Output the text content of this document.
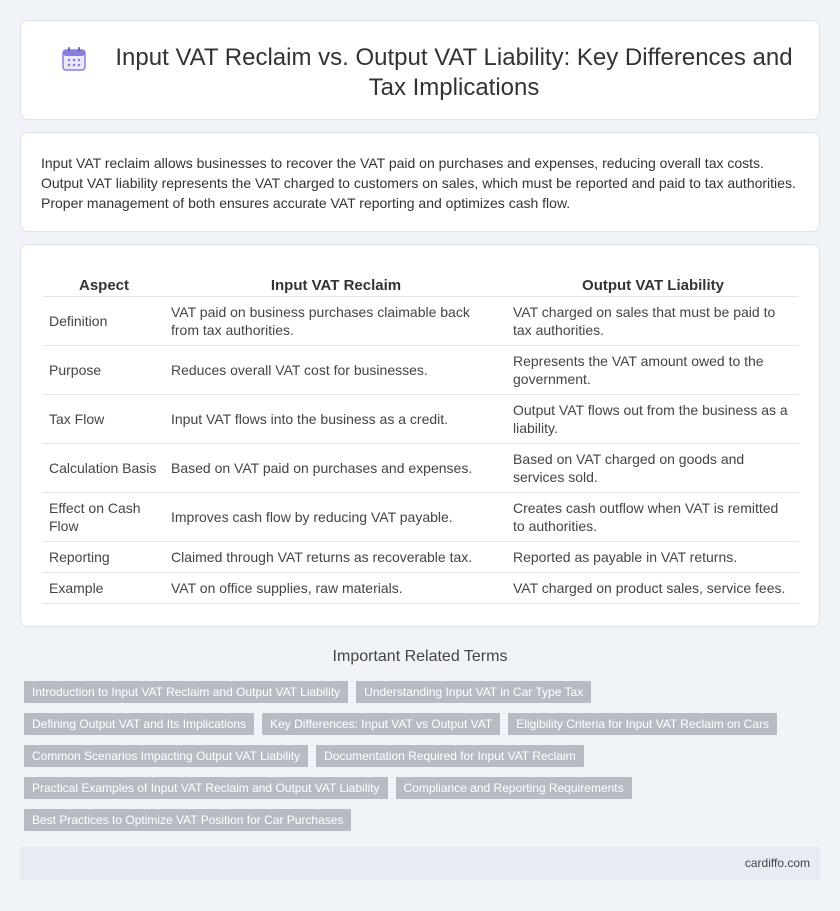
Input VAT Reclaim vs. Output VAT Liability: Key Differences and Tax Implications

Input VAT reclaim allows businesses to recover the VAT paid on purchases and expenses, reducing overall tax costs. Output VAT liability represents the VAT charged to customers on sales, which must be reported and paid to tax authorities. Proper management of both ensures accurate VAT reporting and optimizes cash flow.

Aspect	Input VAT Reclaim	Output VAT Liability
Definition	VAT paid on business purchases claimable back from tax authorities.	VAT charged on sales that must be paid to tax authorities.
Purpose	Reduces overall VAT cost for businesses.	Represents the VAT amount owed to the government.
Tax Flow	Input VAT flows into the business as a credit.	Output VAT flows out from the business as a liability.
Calculation Basis	Based on VAT paid on purchases and expenses.	Based on VAT charged on goods and services sold.
Effect on Cash Flow	Improves cash flow by reducing VAT payable.	Creates cash outflow when VAT is remitted to authorities.
Reporting	Claimed through VAT returns as recoverable tax.	Reported as payable in VAT returns.
Example	VAT on office supplies, raw materials.	VAT charged on product sales, service fees.
Important Related Terms
Introduction to Input VAT Reclaim and Output VAT Liability	Understanding Input VAT in Car Type Tax
Defining Output VAT and Its Implications	Key Differences: Input VAT vs Output VAT	Eligibility Criteria for Input VAT Reclaim on Cars
Common Scenarios Impacting Output VAT Liability	Documentation Required for Input VAT Reclaim
Practical Examples of Input VAT Reclaim and Output VAT Liability	Compliance and Reporting Requirements
Best Practices to Optimize VAT Position for Car Purchases
cardiffo.com
